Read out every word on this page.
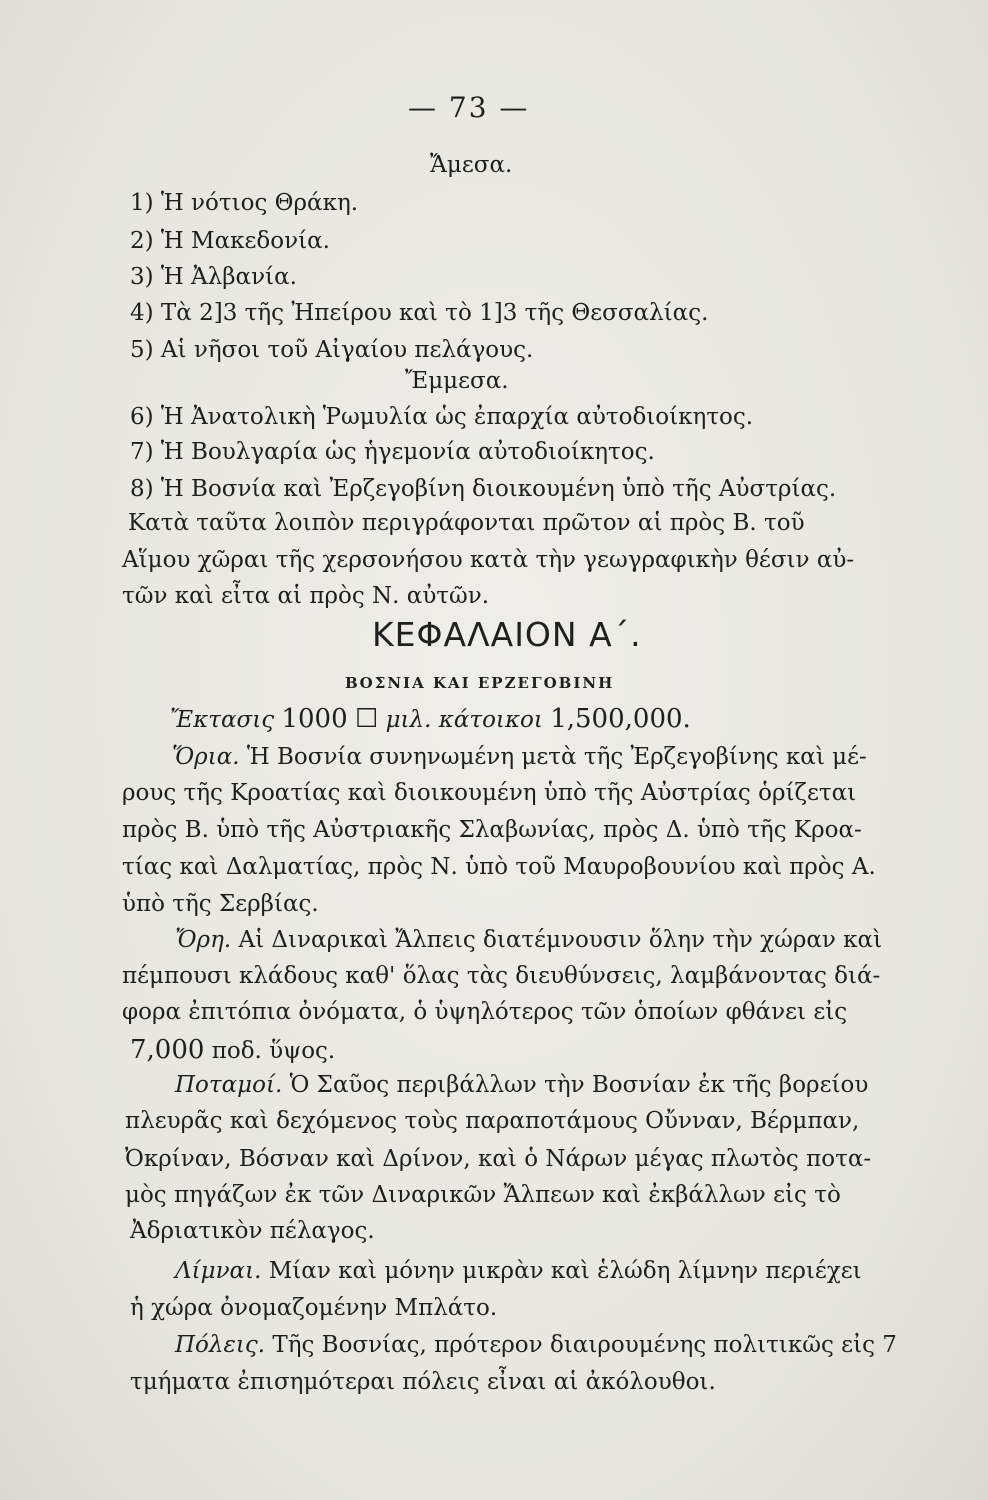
— 73 —
Ἄμεσα.
1) Ἡ νότιος Θράκη.
2) Ἡ Μακεδονία.
3) Ἡ Ἀλβανία.
4) Τὰ 2]3 τῆς Ἠπείρου καὶ τὸ 1]3 τῆς Θεσσαλίας.
5) Αἱ νῆσοι τοῦ Αἰγαίου πελάγους.
Ἔμμεσα.
6) Ἡ Ἀνατολικὴ Ῥωμυλία ὡς ἐπαρχία αὐτοδιοίκητος.
7) Ἡ Βουλγαρία ὡς ἡγεμονία αὐτοδιοίκητος.
8) Ἡ Βοσνία καὶ Ἐρζεγοβίνη διοικουμένη ὑπὸ τῆς Αὐστρίας.
Κατὰ ταῦτα λοιπὸν περιγράφονται πρῶτον αἱ πρὸς Β. τοῦ
Αἵμου χῶραι τῆς χερσονήσου κατὰ τὴν γεωγραφικὴν θέσιν αὐ-
τῶν καὶ εἶτα αἱ πρὸς Ν. αὐτῶν.
ΚΕΦΑΛΑΙΟΝ Α΄.
ΒΟΣΝΙΑ ΚΑΙ ΕΡΖΕΓΟΒΙΝΗ
Ἔκτασις 1000 ☐ μιλ. κάτοικοι 1,500,000.
Ὅρια. Ἡ Βοσνία συνηνωμένη μετὰ τῆς Ἐρζεγοβίνης καὶ μέ-
ρους τῆς Κροατίας καὶ διοικουμένη ὑπὸ τῆς Αὐστρίας ὁρίζεται
πρὸς Β. ὑπὸ τῆς Αὐστριακῆς Σλαβωνίας, πρὸς Δ. ὑπὸ τῆς Κροα-
τίας καὶ Δαλματίας, πρὸς Ν. ὑπὸ τοῦ Μαυροβουνίου καὶ πρὸς Α.
ὑπὸ τῆς Σερβίας.
Ὄρη. Αἱ Διναρικαὶ Ἄλπεις διατέμνουσιν ὅλην τὴν χώραν καὶ
πέμπουσι κλάδους καθ' ὅλας τὰς διευθύνσεις, λαμβάνοντας διά-
φορα ἐπιτόπια ὀνόματα, ὁ ὑψηλότερος τῶν ὁποίων φθάνει εἰς
7,000 ποδ. ὕψος.
Ποταμοί. Ὁ Σαῦος περιβάλλων τὴν Βοσνίαν ἐκ τῆς βορείου
πλευρᾶς καὶ δεχόμενος τοὺς παραποτάμους Οὔνναν, Βέρμπαν,
Ὀκρίναν, Βόσναν καὶ Δρίνον, καὶ ὁ Νάρων μέγας πλωτὸς ποτα-
μὸς πηγάζων ἐκ τῶν Διναρικῶν Ἄλπεων καὶ ἐκβάλλων εἰς τὸ
Ἀδριατικὸν πέλαγος.
Λίμναι. Μίαν καὶ μόνην μικρὰν καὶ ἑλώδη λίμνην περιέχει
ἡ χώρα ὀνομαζομένην Μπλάτο.
Πόλεις. Τῆς Βοσνίας, πρότερον διαιρουμένης πολιτικῶς εἰς 7
τμήματα ἐπισημότεραι πόλεις εἶναι αἱ ἀκόλουθοι.
